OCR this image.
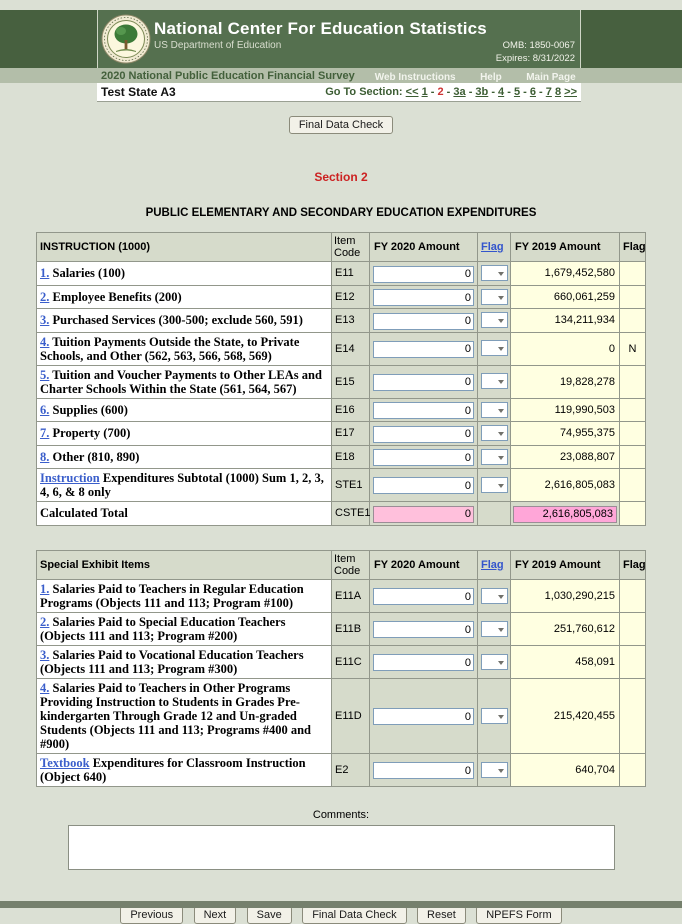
National Center For Education Statistics
US Department of Education	OMB: 1850-0067
Expires: 8/31/2022
2020 National Public Education Financial Survey	Web Instructions Help Main Page
Test State A3	Go To Section: << 1 - 2 - 3a - 3b - 4 - 5 - 6 - 7 8 >>
Final Data Check
Section 2
PUBLIC ELEMENTARY AND SECONDARY EDUCATION EXPENDITURES
INSTRUCTION (1000)	Item Code	FY 2020 Amount	Flag	FY 2019 Amount	Flag
1. Salaries (100)	E11	0		1,679,452,580	
2. Employee Benefits (200)	E12	0		660,061,259	
3. Purchased Services (300-500; exclude 560, 591)	E13	0		134,211,934	
4. Tuition Payments Outside the State, to Private Schools, and Other (562, 563, 566, 568, 569)	E14	0		0	N
5. Tuition and Voucher Payments to Other LEAs and Charter Schools Within the State (561, 564, 567)	E15	0		19,828,278	
6. Supplies (600)	E16	0		119,990,503	
7. Property (700)	E17	0		74,955,375	
8. Other (810, 890)	E18	0		23,088,807	
Instruction Expenditures Subtotal (1000) Sum 1, 2, 3, 4, 6, & 8 only	STE1	0		2,616,805,083	
Calculated Total	CSTE1	0		2,616,805,083	
Special Exhibit Items	Item Code	FY 2020 Amount	Flag	FY 2019 Amount	Flag
1. Salaries Paid to Teachers in Regular Education Programs (Objects 111 and 113; Program #100)	E11A	0		1,030,290,215	
2. Salaries Paid to Special Education Teachers (Objects 111 and 113; Program #200)	E11B	0		251,760,612	
3. Salaries Paid to Vocational Education Teachers (Objects 111 and 113; Program #300)	E11C	0		458,091	
4. Salaries Paid to Teachers in Other Programs Providing Instruction to Students in Grades Pre-kindergarten Through Grade 12 and Un-graded Students (Objects 111 and 113; Programs #400 and #900)	E11D	0		215,420,455	
Textbook Expenditures for Classroom Instruction (Object 640)	E2	0		640,704	
Comments:
Previous	Next	Save	Final Data Check	Reset	NPEFS Form
